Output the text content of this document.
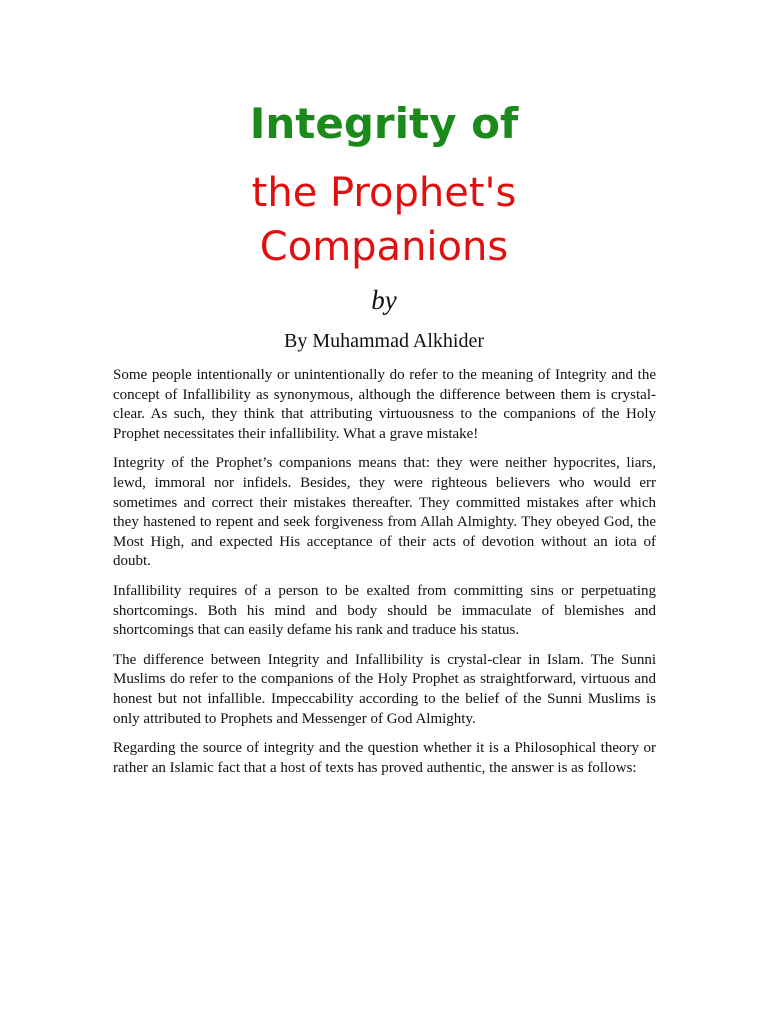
Integrity of
the Prophet's
Companions
by
By Muhammad Alkhider

Some people intentionally or unintentionally do refer to the meaning of Integrity and the concept of Infallibility as synonymous, although the difference between them is crystal-clear. As such, they think that attributing virtuousness to the companions of the Holy Prophet necessitates their infallibility. What a grave mistake!

Integrity of the Prophet’s companions means that: they were neither hypocrites, liars, lewd, immoral nor infidels. Besides, they were righteous believers who would err sometimes and correct their mistakes thereafter. They committed mistakes after which they hastened to repent and seek forgiveness from Allah Almighty. They obeyed God, the Most High, and expected His acceptance of their acts of devotion without an iota of doubt.

Infallibility requires of a person to be exalted from committing sins or perpetuating shortcomings. Both his mind and body should be immaculate of blemishes and shortcomings that can easily defame his rank and traduce his status.

The difference between Integrity and Infallibility is crystal-clear in Islam. The Sunni Muslims do refer to the companions of the Holy Prophet as straightforward, virtuous and honest but not infallible. Impeccability according to the belief of the Sunni Muslims is only attributed to Prophets and Messenger of God Almighty.

Regarding the source of integrity and the question whether it is a Philosophical theory or rather an Islamic fact that a host of texts has proved authentic, the answer is as follows:
